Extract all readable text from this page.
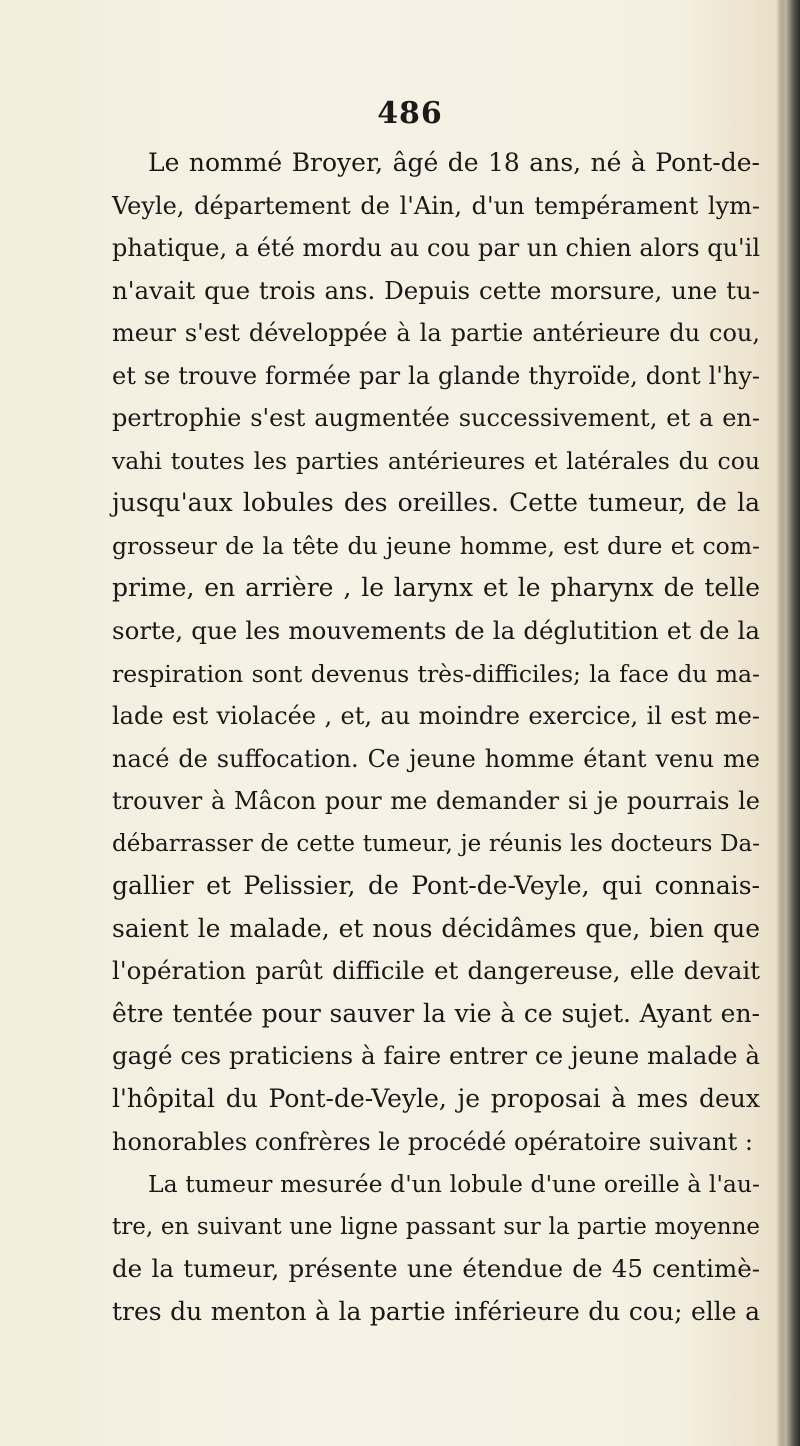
486
Le nommé Broyer, âgé de 18 ans, né à Pont-de-
Veyle, département de l'Ain, d'un tempérament lym-
phatique, a été mordu au cou par un chien alors qu'il
n'avait que trois ans. Depuis cette morsure, une tu-
meur s'est développée à la partie antérieure du cou,
et se trouve formée par la glande thyroïde, dont l'hy-
pertrophie s'est augmentée successivement, et a en-
vahi toutes les parties antérieures et latérales du cou
jusqu'aux lobules des oreilles. Cette tumeur, de la
grosseur de la tête du jeune homme, est dure et com-
prime, en arrière , le larynx et le pharynx de telle
sorte, que les mouvements de la déglutition et de la
respiration sont devenus très-difficiles; la face du ma-
lade est violacée , et, au moindre exercice, il est me-
nacé de suffocation. Ce jeune homme étant venu me
trouver à Mâcon pour me demander si je pourrais le
débarrasser de cette tumeur, je réunis les docteurs Da-
gallier et Pelissier, de Pont-de-Veyle, qui connais-
saient le malade, et nous décidâmes que, bien que
l'opération parût difficile et dangereuse, elle devait
être tentée pour sauver la vie à ce sujet. Ayant en-
gagé ces praticiens à faire entrer ce jeune malade à
l'hôpital du Pont-de-Veyle, je proposai à mes deux
honorables confrères le procédé opératoire suivant :
La tumeur mesurée d'un lobule d'une oreille à l'au-
tre, en suivant une ligne passant sur la partie moyenne
de la tumeur, présente une étendue de 45 centimè-
tres du menton à la partie inférieure du cou; elle a
